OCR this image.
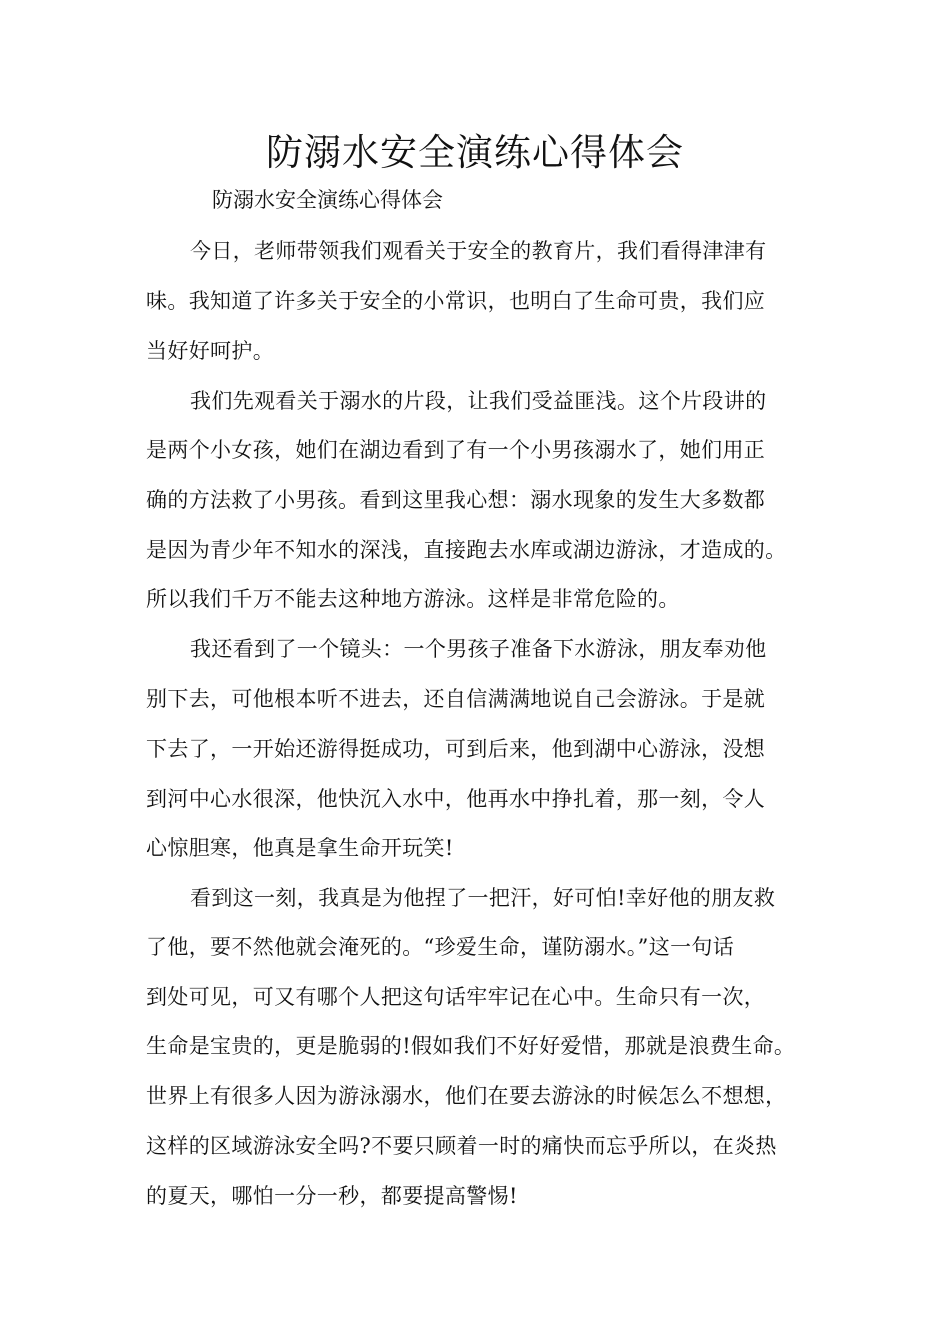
防溺水安全演练心得体会
防溺水安全演练心得体会
今日，老师带领我们观看关于安全的教育片，我们看得津津有
味。我知道了许多关于安全的小常识，也明白了生命可贵，我们应
当好好呵护。
我们先观看关于溺水的片段，让我们受益匪浅。这个片段讲的
是两个小女孩，她们在湖边看到了有一个小男孩溺水了，她们用正
确的方法救了小男孩。看到这里我心想：溺水现象的发生大多数都
是因为青少年不知水的深浅，直接跑去水库或湖边游泳，才造成的。
所以我们千万不能去这种地方游泳。这样是非常危险的。
我还看到了一个镜头：一个男孩子准备下水游泳，朋友奉劝他
别下去，可他根本听不进去，还自信满满地说自己会游泳。于是就
下去了，一开始还游得挺成功，可到后来，他到湖中心游泳，没想
到河中心水很深，他快沉入水中，他再水中挣扎着，那一刻，令人
心惊胆寒，他真是拿生命开玩笑!
看到这一刻，我真是为他捏了一把汗，好可怕!幸好他的朋友救
了他，要不然他就会淹死的。“珍爱生命，谨防溺水。”这一句话
到处可见，可又有哪个人把这句话牢牢记在心中。生命只有一次，
生命是宝贵的，更是脆弱的!假如我们不好好爱惜，那就是浪费生命。
世界上有很多人因为游泳溺水，他们在要去游泳的时候怎么不想想，
这样的区域游泳安全吗?不要只顾着一时的痛快而忘乎所以，在炎热
的夏天，哪怕一分一秒，都要提高警惕!
